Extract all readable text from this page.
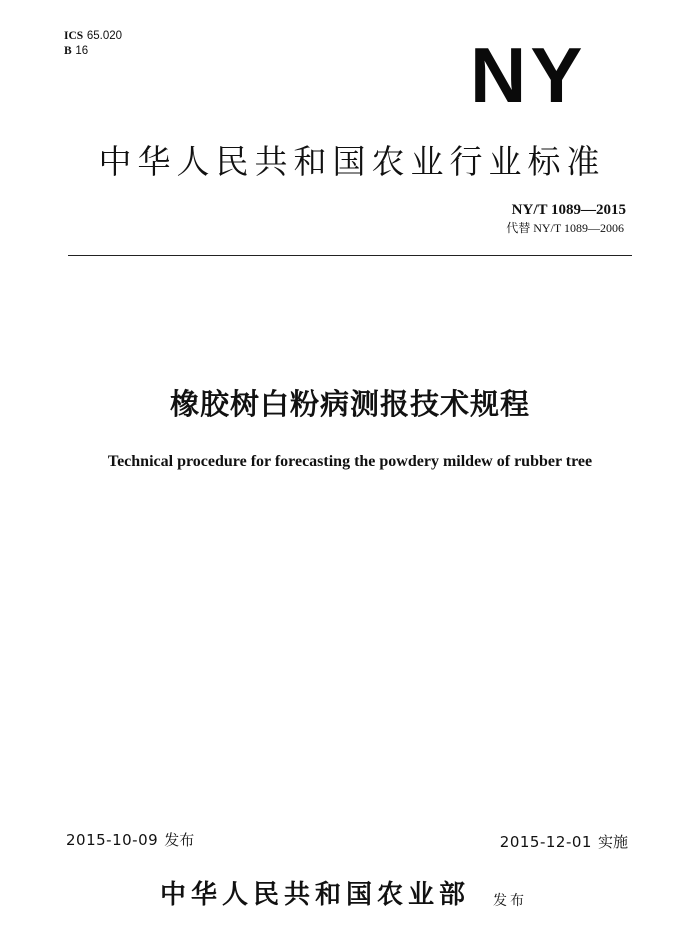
ICS 65.020
B 16	NY
中华人民共和国农业行业标准
NY/T 1089—2015
代替 NY/T 1089—2006
橡胶树白粉病测报技术规程
Technical procedure for forecasting the powdery mildew of rubber tree
2015-10-09 发布	2015-12-01 实施
中华人民共和国农业部 发布
